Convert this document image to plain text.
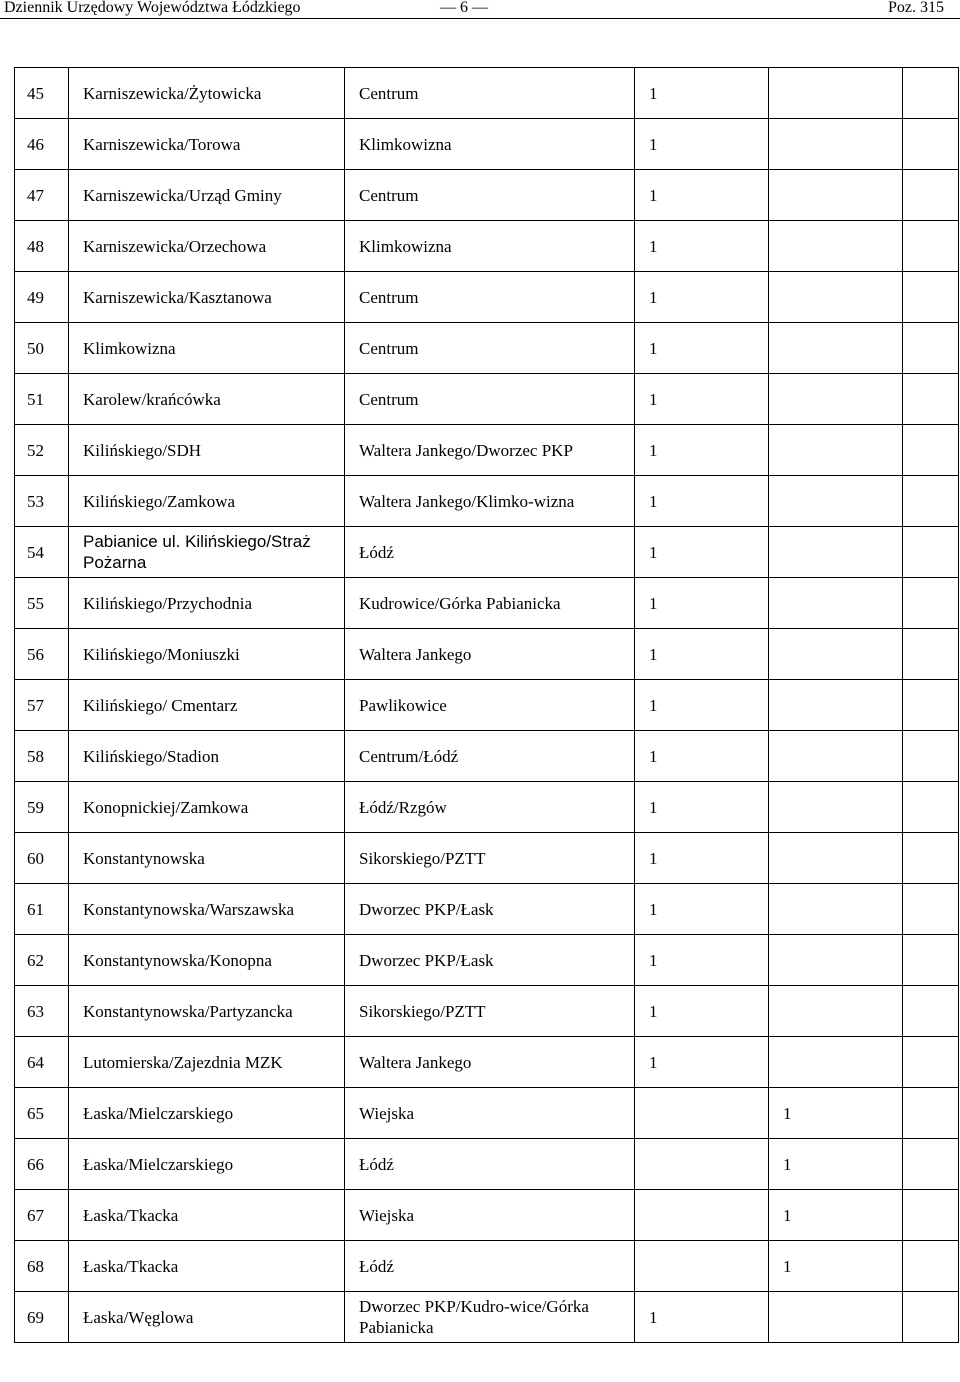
Dziennik Urzędowy Województwa Łódzkiego	— 6 —	Poz. 315
45	Karniszewicka/Żytowicka	Centrum	1		
46	Karniszewicka/Torowa	Klimkowizna	1		
47	Karniszewicka/Urząd Gminy	Centrum	1		
48	Karniszewicka/Orzechowa	Klimkowizna	1		
49	Karniszewicka/Kasztanowa	Centrum	1		
50	Klimkowizna	Centrum	1		
51	Karolew/krańcówka	Centrum	1		
52	Kilińskiego/SDH	Waltera Jankego/Dworzec PKP	1		
53	Kilińskiego/Zamkowa	Waltera Jankego/Klimko-wizna	1		
54	Pabianice ul. Kilińskiego/Straż Pożarna	Łódź	1		
55	Kilińskiego/Przychodnia	Kudrowice/Górka Pabianicka	1		
56	Kilińskiego/Moniuszki	Waltera Jankego	1		
57	Kilińskiego/ Cmentarz	Pawlikowice	1		
58	Kilińskiego/Stadion	Centrum/Łódź	1		
59	Konopnickiej/Zamkowa	Łódź/Rzgów	1		
60	Konstantynowska	Sikorskiego/PZTT	1		
61	Konstantynowska/Warszawska	Dworzec PKP/Łask	1		
62	Konstantynowska/Konopna	Dworzec PKP/Łask	1		
63	Konstantynowska/Partyzancka	Sikorskiego/PZTT	1		
64	Lutomierska/Zajezdnia MZK	Waltera Jankego	1		
65	Łaska/Mielczarskiego	Wiejska		1	
66	Łaska/Mielczarskiego	Łódź		1	
67	Łaska/Tkacka	Wiejska		1	
68	Łaska/Tkacka	Łódź		1	
69	Łaska/Węglowa	Dworzec PKP/Kudro-wice/Górka Pabianicka	1		
